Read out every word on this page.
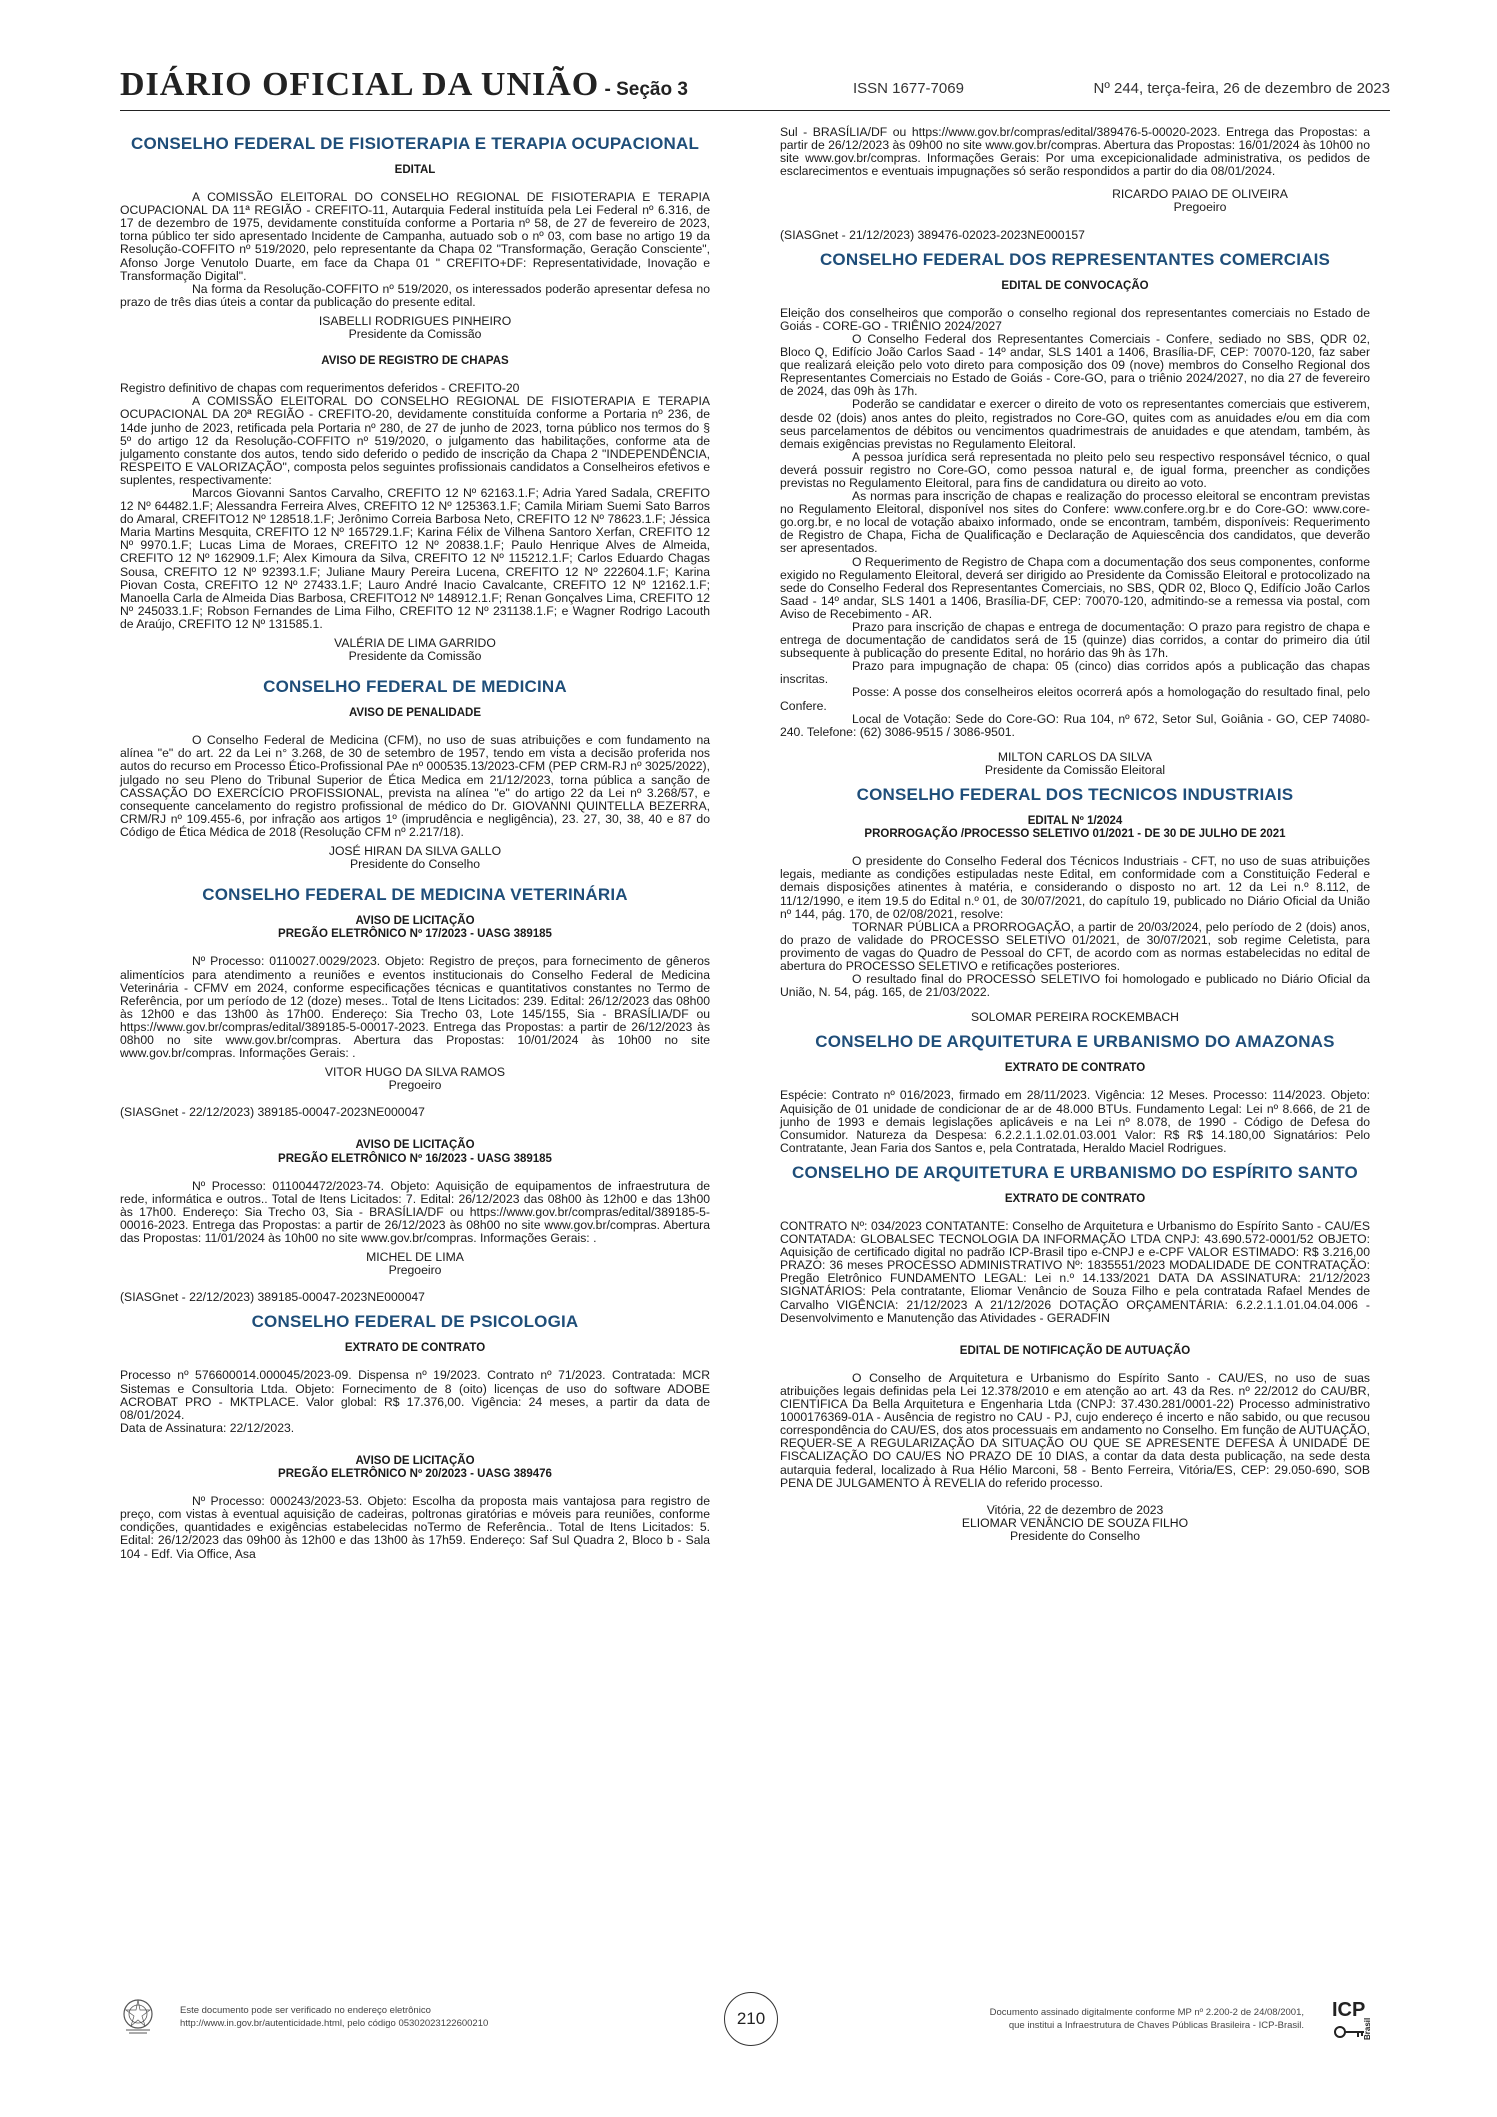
DIÁRIO OFICIAL DA UNIÃO - Seção 3	ISSN 1677-7069	Nº 244, terça-feira, 26 de dezembro de 2023
CONSELHO FEDERAL DE FISIOTERAPIA E TERAPIA OCUPACIONAL
EDITAL

A COMISSÃO ELEITORAL DO CONSELHO REGIONAL DE FISIOTERAPIA E TERAPIA OCUPACIONAL DA 11ª REGIÃO - CREFITO-11, Autarquia Federal instituída pela Lei Federal nº 6.316, de 17 de dezembro de 1975, devidamente constituída conforme a Portaria nº 58, de 27 de fevereiro de 2023, torna público ter sido apresentado Incidente de Campanha, autuado sob o nº 03, com base no artigo 19 da Resolução-COFFITO nº 519/2020, pelo representante da Chapa 02 "Transformação, Geração Consciente", Afonso Jorge Venutolo Duarte, em face da Chapa 01 " CREFITO+DF: Representatividade, Inovação e Transformação Digital".

Na forma da Resolução-COFFITO nº 519/2020, os interessados poderão apresentar defesa no prazo de três dias úteis a contar da publicação do presente edital.

ISABELLI RODRIGUES PINHEIRO
Presidente da Comissão
AVISO DE REGISTRO DE CHAPAS

Registro definitivo de chapas com requerimentos deferidos - CREFITO-20

A COMISSÃO ELEITORAL DO CONSELHO REGIONAL DE FISIOTERAPIA E TERAPIA OCUPACIONAL DA 20ª REGIÃO - CREFITO-20, devidamente constituída conforme a Portaria nº 236, de 14de junho de 2023, retificada pela Portaria nº 280, de 27 de junho de 2023, torna público nos termos do § 5º do artigo 12 da Resolução-COFFITO nº 519/2020, o julgamento das habilitações, conforme ata de julgamento constante dos autos, tendo sido deferido o pedido de inscrição da Chapa 2 "INDEPENDÊNCIA, RESPEITO E VALORIZAÇÃO", composta pelos seguintes profissionais candidatos a Conselheiros efetivos e suplentes, respectivamente:

Marcos Giovanni Santos Carvalho, CREFITO 12 Nº 62163.1.F; Adria Yared Sadala, CREFITO 12 Nº 64482.1.F; Alessandra Ferreira Alves, CREFITO 12 Nº 125363.1.F; Camila Miriam Suemi Sato Barros do Amaral, CREFITO12 Nº 128518.1.F; Jerônimo Correia Barbosa Neto, CREFITO 12 Nº 78623.1.F; Jéssica Maria Martins Mesquita, CREFITO 12 Nº 165729.1.F; Karina Félix de Vilhena Santoro Xerfan, CREFITO 12 Nº 9970.1.F; Lucas Lima de Moraes, CREFITO 12 Nº 20838.1.F; Paulo Henrique Alves de Almeida, CREFITO 12 Nº 162909.1.F; Alex Kimoura da Silva, CREFITO 12 Nº 115212.1.F; Carlos Eduardo Chagas Sousa, CREFITO 12 Nº 92393.1.F; Juliane Maury Pereira Lucena, CREFITO 12 Nº 222604.1.F; Karina Piovan Costa, CREFITO 12 Nº 27433.1.F; Lauro André Inacio Cavalcante, CREFITO 12 Nº 12162.1.F; Manoella Carla de Almeida Dias Barbosa, CREFITO12 Nº 148912.1.F; Renan Gonçalves Lima, CREFITO 12 Nº 245033.1.F; Robson Fernandes de Lima Filho, CREFITO 12 Nº 231138.1.F; e Wagner Rodrigo Lacouth de Araújo, CREFITO 12 Nº 131585.1.

VALÉRIA DE LIMA GARRIDO
Presidente da Comissão
CONSELHO FEDERAL DE MEDICINA
AVISO DE PENALIDADE

O Conselho Federal de Medicina (CFM), no uso de suas atribuições e com fundamento na alínea "e" do art. 22 da Lei n° 3.268, de 30 de setembro de 1957, tendo em vista a decisão proferida nos autos do recurso em Processo Ético-Profissional PAe nº 000535.13/2023-CFM (PEP CRM-RJ nº 3025/2022), julgado no seu Pleno do Tribunal Superior de Ética Medica em 21/12/2023, torna pública a sanção de CASSAÇÃO DO EXERCÍCIO PROFISSIONAL, prevista na alínea "e" do artigo 22 da Lei nº 3.268/57, e consequente cancelamento do registro profissional de médico do Dr. GIOVANNI QUINTELLA BEZERRA, CRM/RJ nº 109.455-6, por infração aos artigos 1º (imprudência e negligência), 23. 27, 30, 38, 40 e 87 do Código de Ética Médica de 2018 (Resolução CFM nº 2.217/18).

JOSÉ HIRAN DA SILVA GALLO
Presidente do Conselho
CONSELHO FEDERAL DE MEDICINA VETERINÁRIA
AVISO DE LICITAÇÃO
PREGÃO ELETRÔNICO Nº 17/2023 - UASG 389185

Nº Processo: 0110027.0029/2023. Objeto: Registro de preços, para fornecimento de gêneros alimentícios para atendimento a reuniões e eventos institucionais do Conselho Federal de Medicina Veterinária - CFMV em 2024, conforme especificações técnicas e quantitativos constantes no Termo de Referência, por um período de 12 (doze) meses.. Total de Itens Licitados: 239. Edital: 26/12/2023 das 08h00 às 12h00 e das 13h00 às 17h00. Endereço: Sia Trecho 03, Lote 145/155, Sia - BRASÍLIA/DF ou https://www.gov.br/compras/edital/389185-5-00017-2023. Entrega das Propostas: a partir de 26/12/2023 às 08h00 no site www.gov.br/compras. Abertura das Propostas: 10/01/2024 às 10h00 no site www.gov.br/compras. Informações Gerais: .

VITOR HUGO DA SILVA RAMOS
Pregoeiro

(SIASGnet - 22/12/2023) 389185-00047-2023NE000047

AVISO DE LICITAÇÃO
PREGÃO ELETRÔNICO Nº 16/2023 - UASG 389185

Nº Processo: 011004472/2023-74. Objeto: Aquisição de equipamentos de infraestrutura de rede, informática e outros.. Total de Itens Licitados: 7. Edital: 26/12/2023 das 08h00 às 12h00 e das 13h00 às 17h00. Endereço: Sia Trecho 03, Sia - BRASÍLIA/DF ou https://www.gov.br/compras/edital/389185-5-00016-2023. Entrega das Propostas: a partir de 26/12/2023 às 08h00 no site www.gov.br/compras. Abertura das Propostas: 11/01/2024 às 10h00 no site www.gov.br/compras. Informações Gerais: .

MICHEL DE LIMA
Pregoeiro

(SIASGnet - 22/12/2023) 389185-00047-2023NE000047

CONSELHO FEDERAL DE PSICOLOGIA
EXTRATO DE CONTRATO

Processo nº 576600014.000045/2023-09. Dispensa nº 19/2023. Contrato nº 71/2023. Contratada: MCR Sistemas e Consultoria Ltda. Objeto: Fornecimento de 8 (oito) licenças de uso do software ADOBE ACROBAT PRO - MKTPLACE. Valor global: R$ 17.376,00. Vigência: 24 meses, a partir da data de 08/01/2024.

Data de Assinatura: 22/12/2023.

AVISO DE LICITAÇÃO
PREGÃO ELETRÔNICO Nº 20/2023 - UASG 389476

Nº Processo: 000243/2023-53. Objeto: Escolha da proposta mais vantajosa para registro de preço, com vistas à eventual aquisição de cadeiras, poltronas giratórias e móveis para reuniões, conforme condições, quantidades e exigências estabelecidas noTermo de Referência.. Total de Itens Licitados: 5. Edital: 26/12/2023 das 09h00 às 12h00 e das 13h00 às 17h59. Endereço: Saf Sul Quadra 2, Bloco b - Sala 104 - Edf. Via Office, Asa

Sul - BRASÍLIA/DF ou https://www.gov.br/compras/edital/389476-5-00020-2023. Entrega das Propostas: a partir de 26/12/2023 às 09h00 no site www.gov.br/compras. Abertura das Propostas: 16/01/2024 às 10h00 no site www.gov.br/compras. Informações Gerais: Por uma excepicionalidade administrativa, os pedidos de esclarecimentos e eventuais impugnações só serão respondidos a partir do dia 08/01/2024.

RICARDO PAIAO DE OLIVEIRA
Pregoeiro

(SIASGnet - 21/12/2023) 389476-02023-2023NE000157

CONSELHO FEDERAL DOS REPRESENTANTES COMERCIAIS
EDITAL DE CONVOCAÇÃO

Eleição dos conselheiros que comporão o conselho regional dos representantes comerciais no Estado de Goiás - CORE-GO - TRIÊNIO 2024/2027

O Conselho Federal dos Representantes Comerciais - Confere, sediado no SBS, QDR 02, Bloco Q, Edifício João Carlos Saad - 14º andar, SLS 1401 a 1406, Brasília-DF, CEP: 70070-120, faz saber que realizará eleição pelo voto direto para composição dos 09 (nove) membros do Conselho Regional dos Representantes Comerciais no Estado de Goiás - Core-GO, para o triênio 2024/2027, no dia 27 de fevereiro de 2024, das 09h às 17h.

Poderão se candidatar e exercer o direito de voto os representantes comerciais que estiverem, desde 02 (dois) anos antes do pleito, registrados no Core-GO, quites com as anuidades e/ou em dia com seus parcelamentos de débitos ou vencimentos quadrimestrais de anuidades e que atendam, também, às demais exigências previstas no Regulamento Eleitoral.

A pessoa jurídica será representada no pleito pelo seu respectivo responsável técnico, o qual deverá possuir registro no Core-GO, como pessoa natural e, de igual forma, preencher as condições previstas no Regulamento Eleitoral, para fins de candidatura ou direito ao voto.

As normas para inscrição de chapas e realização do processo eleitoral se encontram previstas no Regulamento Eleitoral, disponível nos sites do Confere: www.confere.org.br e do Core-GO: www.core-go.org.br, e no local de votação abaixo informado, onde se encontram, também, disponíveis: Requerimento de Registro de Chapa, Ficha de Qualificação e Declaração de Aquiescência dos candidatos, que deverão ser apresentados.

O Requerimento de Registro de Chapa com a documentação dos seus componentes, conforme exigido no Regulamento Eleitoral, deverá ser dirigido ao Presidente da Comissão Eleitoral e protocolizado na sede do Conselho Federal dos Representantes Comerciais, no SBS, QDR 02, Bloco Q, Edifício João Carlos Saad - 14º andar, SLS 1401 a 1406, Brasília-DF, CEP: 70070-120, admitindo-se a remessa via postal, com Aviso de Recebimento - AR.

Prazo para inscrição de chapas e entrega de documentação: O prazo para registro de chapa e entrega de documentação de candidatos será de 15 (quinze) dias corridos, a contar do primeiro dia útil subsequente à publicação do presente Edital, no horário das 9h às 17h.

Prazo para impugnação de chapa: 05 (cinco) dias corridos após a publicação das chapas inscritas.

Posse: A posse dos conselheiros eleitos ocorrerá após a homologação do resultado final, pelo Confere.

Local de Votação: Sede do Core-GO: Rua 104, nº 672, Setor Sul, Goiânia - GO, CEP 74080-240. Telefone: (62) 3086-9515 / 3086-9501.

MILTON CARLOS DA SILVA
Presidente da Comissão Eleitoral
CONSELHO FEDERAL DOS TECNICOS INDUSTRIAIS
EDITAL Nº 1/2024
PRORROGAÇÃO /PROCESSO SELETIVO 01/2021 - DE 30 DE JULHO DE 2021

O presidente do Conselho Federal dos Técnicos Industriais - CFT, no uso de suas atribuições legais, mediante as condições estipuladas neste Edital, em conformidade com a Constituição Federal e demais disposições atinentes à matéria, e considerando o disposto no art. 12 da Lei n.º 8.112, de 11/12/1990, e item 19.5 do Edital n.º 01, de 30/07/2021, do capítulo 19, publicado no Diário Oficial da União nº 144, pág. 170, de 02/08/2021, resolve:

TORNAR PÚBLICA a PRORROGAÇÃO, a partir de 20/03/2024, pelo período de 2 (dois) anos, do prazo de validade do PROCESSO SELETIVO 01/2021, de 30/07/2021, sob regime Celetista, para provimento de vagas do Quadro de Pessoal do CFT, de acordo com as normas estabelecidas no edital de abertura do PROCESSO SELETIVO e retificações posteriores.

O resultado final do PROCESSO SELETIVO foi homologado e publicado no Diário Oficial da União, N. 54, pág. 165, de 21/03/2022.

SOLOMAR PEREIRA ROCKEMBACH
CONSELHO DE ARQUITETURA E URBANISMO DO AMAZONAS
EXTRATO DE CONTRATO

Espécie: Contrato nº 016/2023, firmado em 28/11/2023. Vigência: 12 Meses. Processo: 114/2023. Objeto: Aquisição de 01 unidade de condicionar de ar de 48.000 BTUs. Fundamento Legal: Lei nº 8.666, de 21 de junho de 1993 e demais legislações aplicáveis e na Lei nº 8.078, de 1990 - Código de Defesa do Consumidor. Natureza da Despesa: 6.2.2.1.1.02.01.03.001 Valor: R$ R$ 14.180,00 Signatários: Pelo Contratante, Jean Faria dos Santos e, pela Contratada, Heraldo Maciel Rodrigues.

CONSELHO DE ARQUITETURA E URBANISMO DO ESPÍRITO SANTO
EXTRATO DE CONTRATO

CONTRATO Nº: 034/2023 CONTATANTE: Conselho de Arquitetura e Urbanismo do Espírito Santo - CAU/ES CONTATADA: GLOBALSEC TECNOLOGIA DA INFORMAÇÃO LTDA CNPJ: 43.690.572-0001/52 OBJETO: Aquisição de certificado digital no padrão ICP-Brasil tipo e-CNPJ e e-CPF VALOR ESTIMADO: R$ 3.216,00 PRAZO: 36 meses PROCESSO ADMINISTRATIVO Nº: 1835551/2023 MODALIDADE DE CONTRATAÇÃO: Pregão Eletrônico FUNDAMENTO LEGAL: Lei n.º 14.133/2021 DATA DA ASSINATURA: 21/12/2023 SIGNATÁRIOS: Pela contratante, Eliomar Venâncio de Souza Filho e pela contratada Rafael Mendes de Carvalho VIGÊNCIA: 21/12/2023 A 21/12/2026 DOTAÇÃO ORÇAMENTÁRIA: 6.2.2.1.1.01.04.04.006 - Desenvolvimento e Manutenção das Atividades - GERADFIN

EDITAL DE NOTIFICAÇÃO DE AUTUAÇÃO

O Conselho de Arquitetura e Urbanismo do Espírito Santo - CAU/ES, no uso de suas atribuições legais definidas pela Lei 12.378/2010 e em atenção ao art. 43 da Res. nº 22/2012 do CAU/BR, CIENTIFICA Da Bella Arquitetura e Engenharia Ltda (CNPJ: 37.430.281/0001-22) Processo administrativo 1000176369-01A - Ausência de registro no CAU - PJ, cujo endereço é incerto e não sabido, ou que recusou correspondência do CAU/ES, dos atos processuais em andamento no Conselho. Em função de AUTUAÇÃO, REQUER-SE A REGULARIZAÇÃO DA SITUAÇÃO OU QUE SE APRESENTE DEFESA À UNIDADE DE FISCALIZAÇÃO DO CAU/ES NO PRAZO DE 10 DIAS, a contar da data desta publicação, na sede desta autarquia federal, localizado à Rua Hélio Marconi, 58 - Bento Ferreira, Vitória/ES, CEP: 29.050-690, SOB PENA DE JULGAMENTO À REVELIA do referido processo.

Vitória, 22 de dezembro de 2023
ELIOMAR VENÂNCIO DE SOUZA FILHO
Presidente do Conselho
Este documento pode ser verificado no endereço eletrônico
http://www.in.gov.br/autenticidade.html, pelo código 05302023122600210	210	Documento assinado digitalmente conforme MP nº 2.200-2 de 24/08/2001,
que institui a Infraestrutura de Chaves Públicas Brasileira - ICP-Brasil.
ICP
Brasil
